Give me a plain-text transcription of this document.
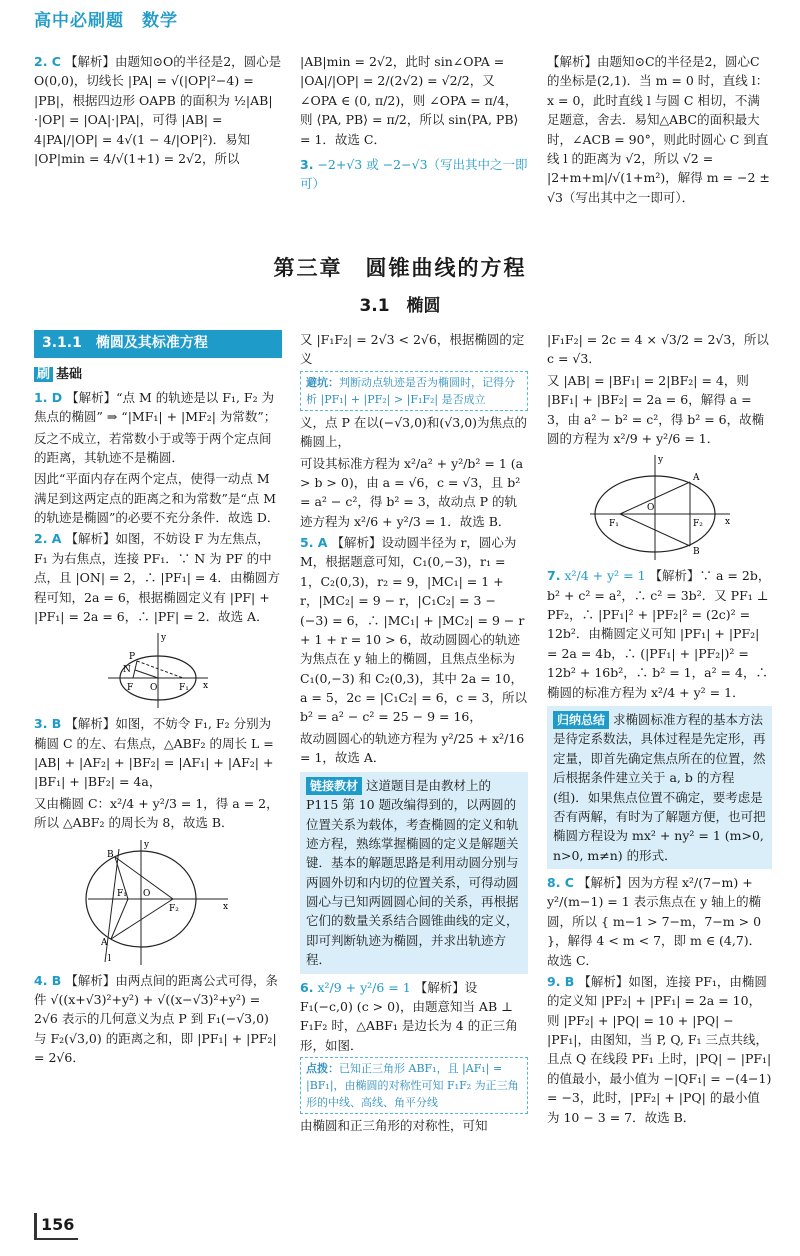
高中必刷题　数学

2. C 【解析】由题知⊙O的半径是2，圆心是 O(0,0)，切线长 |PA| = √(|OP|²−4) = |PB|，根据四边形 OAPB 的面积为 ½|AB|·|OP| = |OA|·|PA|，可得 |AB| = 4|PA|/|OP| = 4√(1 − 4/|OP|²)．易知 |OP|min = 4/√(1+1) = 2√2，所以

|AB|min = 2√2，此时 sin∠OPA = |OA|/|OP| = 2/(2√2) = √2/2，又 ∠OPA ∈ (0, π/2)，则 ∠OPA = π/4，则 ⟨PA, PB⟩ = π/2，所以 sin⟨PA, PB⟩ = 1．故选 C．

3. −2+√3 或 −2−√3（写出其中之一即可）

【解析】由题知⊙C的半径是2，圆心C的坐标是(2,1)．当 m = 0 时，直线 l：x = 0，此时直线 l 与圆 C 相切，不满足题意，舍去．易知△ABC的面积最大时，∠ACB = 90°，则此时圆心 C 到直线 l 的距离为 √2，所以 √2 = |2+m+m|/√(1+m²)，解得 m = −2 ± √3（写出其中之一即可）．

第三章　圆锥曲线的方程
3.1　椭圆
3.1.1　椭圆及其标准方程
刷 基础

1. D 【解析】“点 M 的轨迹是以 F₁, F₂ 为焦点的椭圆” ⇒ “|MF₁| + |MF₂| 为常数”；

反之不成立，若常数小于或等于两个定点间的距离，其轨迹不是椭圆．

因此“平面内存在两个定点，使得一动点 M 满足到这两定点的距离之和为常数”是“点 M 的轨迹是椭圆”的必要不充分条件．故选 D．

2. A 【解析】如图，不妨设 F 为左焦点，F₁ 为右焦点，连接 PF₁．∵ N 为 PF 的中点，且 |ON| = 2，∴ |PF₁| = 4．由椭圆方程可知，2a = 6，根据椭圆定义有 |PF| + |PF₁| = 2a = 6，∴ |PF| = 2．故选 A．

y
x
P
N
F O F₁

3. B 【解析】如图，不妨令 F₁, F₂ 分别为椭圆 C 的左、右焦点，△ABF₂ 的周长 L = |AB| + |AF₂| + |BF₂| = |AF₁| + |AF₂| + |BF₁| + |BF₂| = 4a，

又由椭圆 C：x²/4 + y²/3 = 1，得 a = 2，所以 △ABF₂ 的周长为 8，故选 B．

y
x
B
F₁ O
F₂
A
l

4. B 【解析】由两点间的距离公式可得，条件 √((x+√3)²+y²) + √((x−√3)²+y²) = 2√6 表示的几何意义为点 P 到 F₁(−√3,0) 与 F₂(√3,0) 的距离之和，即 |PF₁| + |PF₂| = 2√6．

又 |F₁F₂| = 2√3 < 2√6，根据椭圆的定义

避坑：判断动点轨迹是否为椭圆时，记得分析 |PF₁| + |PF₂| > |F₁F₂| 是否成立

义，点 P 在以(−√3,0)和(√3,0)为焦点的椭圆上，

可设其标准方程为 x²/a² + y²/b² = 1 (a > b > 0)，由 a = √6，c = √3，且 b² = a² − c²，得 b² = 3，故动点 P 的轨迹方程为 x²/6 + y²/3 = 1．故选 B．

5. A 【解析】设动圆半径为 r，圆心为 M，根据题意可知，C₁(0,−3)，r₁ = 1，C₂(0,3)，r₂ = 9，|MC₁| = 1 + r，|MC₂| = 9 − r，|C₁C₂| = 3 − (−3) = 6，∴ |MC₁| + |MC₂| = 9 − r + 1 + r = 10 > 6，故动圆圆心的轨迹为焦点在 y 轴上的椭圆，且焦点坐标为 C₁(0,−3) 和 C₂(0,3)，其中 2a = 10，a = 5，2c = |C₁C₂| = 6，c = 3，所以 b² = a² − c² = 25 − 9 = 16，

故动圆圆心的轨迹方程为 y²/25 + x²/16 = 1，故选 A．

链接教材 这道题目是由教材上的 P115 第 10 题改编得到的，以两圆的位置关系为载体，考查椭圆的定义和轨迹方程，熟练掌握椭圆的定义是解题关键．基本的解题思路是利用动圆分别与两圆外切和内切的位置关系，可得动圆圆心与已知两圆圆心间的关系，再根据它们的数量关系结合圆锥曲线的定义，即可判断轨迹为椭圆，并求出轨迹方程．

6. x²/9 + y²/6 = 1 【解析】设 F₁(−c,0) (c > 0)，由题意知当 AB ⊥ F₁F₂ 时，△ABF₁ 是边长为 4 的正三角形，如图．

点拨：已知正三角形 ABF₁，且 |AF₁| = |BF₁|，由椭圆的对称性可知 F₁F₂ 为正三角形的中线、高线、角平分线

由椭圆和正三角形的对称性，可知

|F₁F₂| = 2c = 4 × √3/2 = 2√3，所以 c = √3．

又 |AB| = |BF₁| = 2|BF₂| = 4，则 |BF₁| + |BF₂| = 2a = 6，解得 a = 3，由 a² − b² = c²，得 b² = 6，故椭圆的方程为 x²/9 + y²/6 = 1．

y
x
A
B
O
F₁	F₂

7. x²/4 + y² = 1 【解析】∵ a = 2b，b² + c² = a²，∴ c² = 3b²．又 PF₁ ⊥ PF₂，∴ |PF₁|² + |PF₂|² = (2c)² = 12b²．由椭圆定义可知 |PF₁| + |PF₂| = 2a = 4b，∴ (|PF₁| + |PF₂|)² = 12b² + 16b²，∴ b² = 1，a² = 4，∴ 椭圆的标准方程为 x²/4 + y² = 1．

归纳总结 求椭圆标准方程的基本方法是待定系数法，具体过程是先定形，再定量，即首先确定焦点所在的位置，然后根据条件建立关于 a, b 的方程(组)．如果焦点位置不确定，要考虑是否有两解，有时为了解题方便，也可把椭圆方程设为 mx² + ny² = 1 (m>0, n>0, m≠n) 的形式．

8. C 【解析】因为方程 x²/(7−m) + y²/(m−1) = 1 表示焦点在 y 轴上的椭圆，所以 { m−1 > 7−m，7−m > 0 }，解得 4 < m < 7，即 m ∈ (4,7)．故选 C．

9. B 【解析】如图，连接 PF₁，由椭圆的定义知 |PF₂| + |PF₁| = 2a = 10，则 |PF₂| + |PQ| = 10 + |PQ| − |PF₁|，由图知，当 P, Q, F₁ 三点共线，且点 Q 在线段 PF₁ 上时，|PQ| − |PF₁| 的值最小，最小值为 −|QF₁| = −(4−1) = −3，此时，|PF₂| + |PQ| 的最小值为 10 − 3 = 7．故选 B．

156
